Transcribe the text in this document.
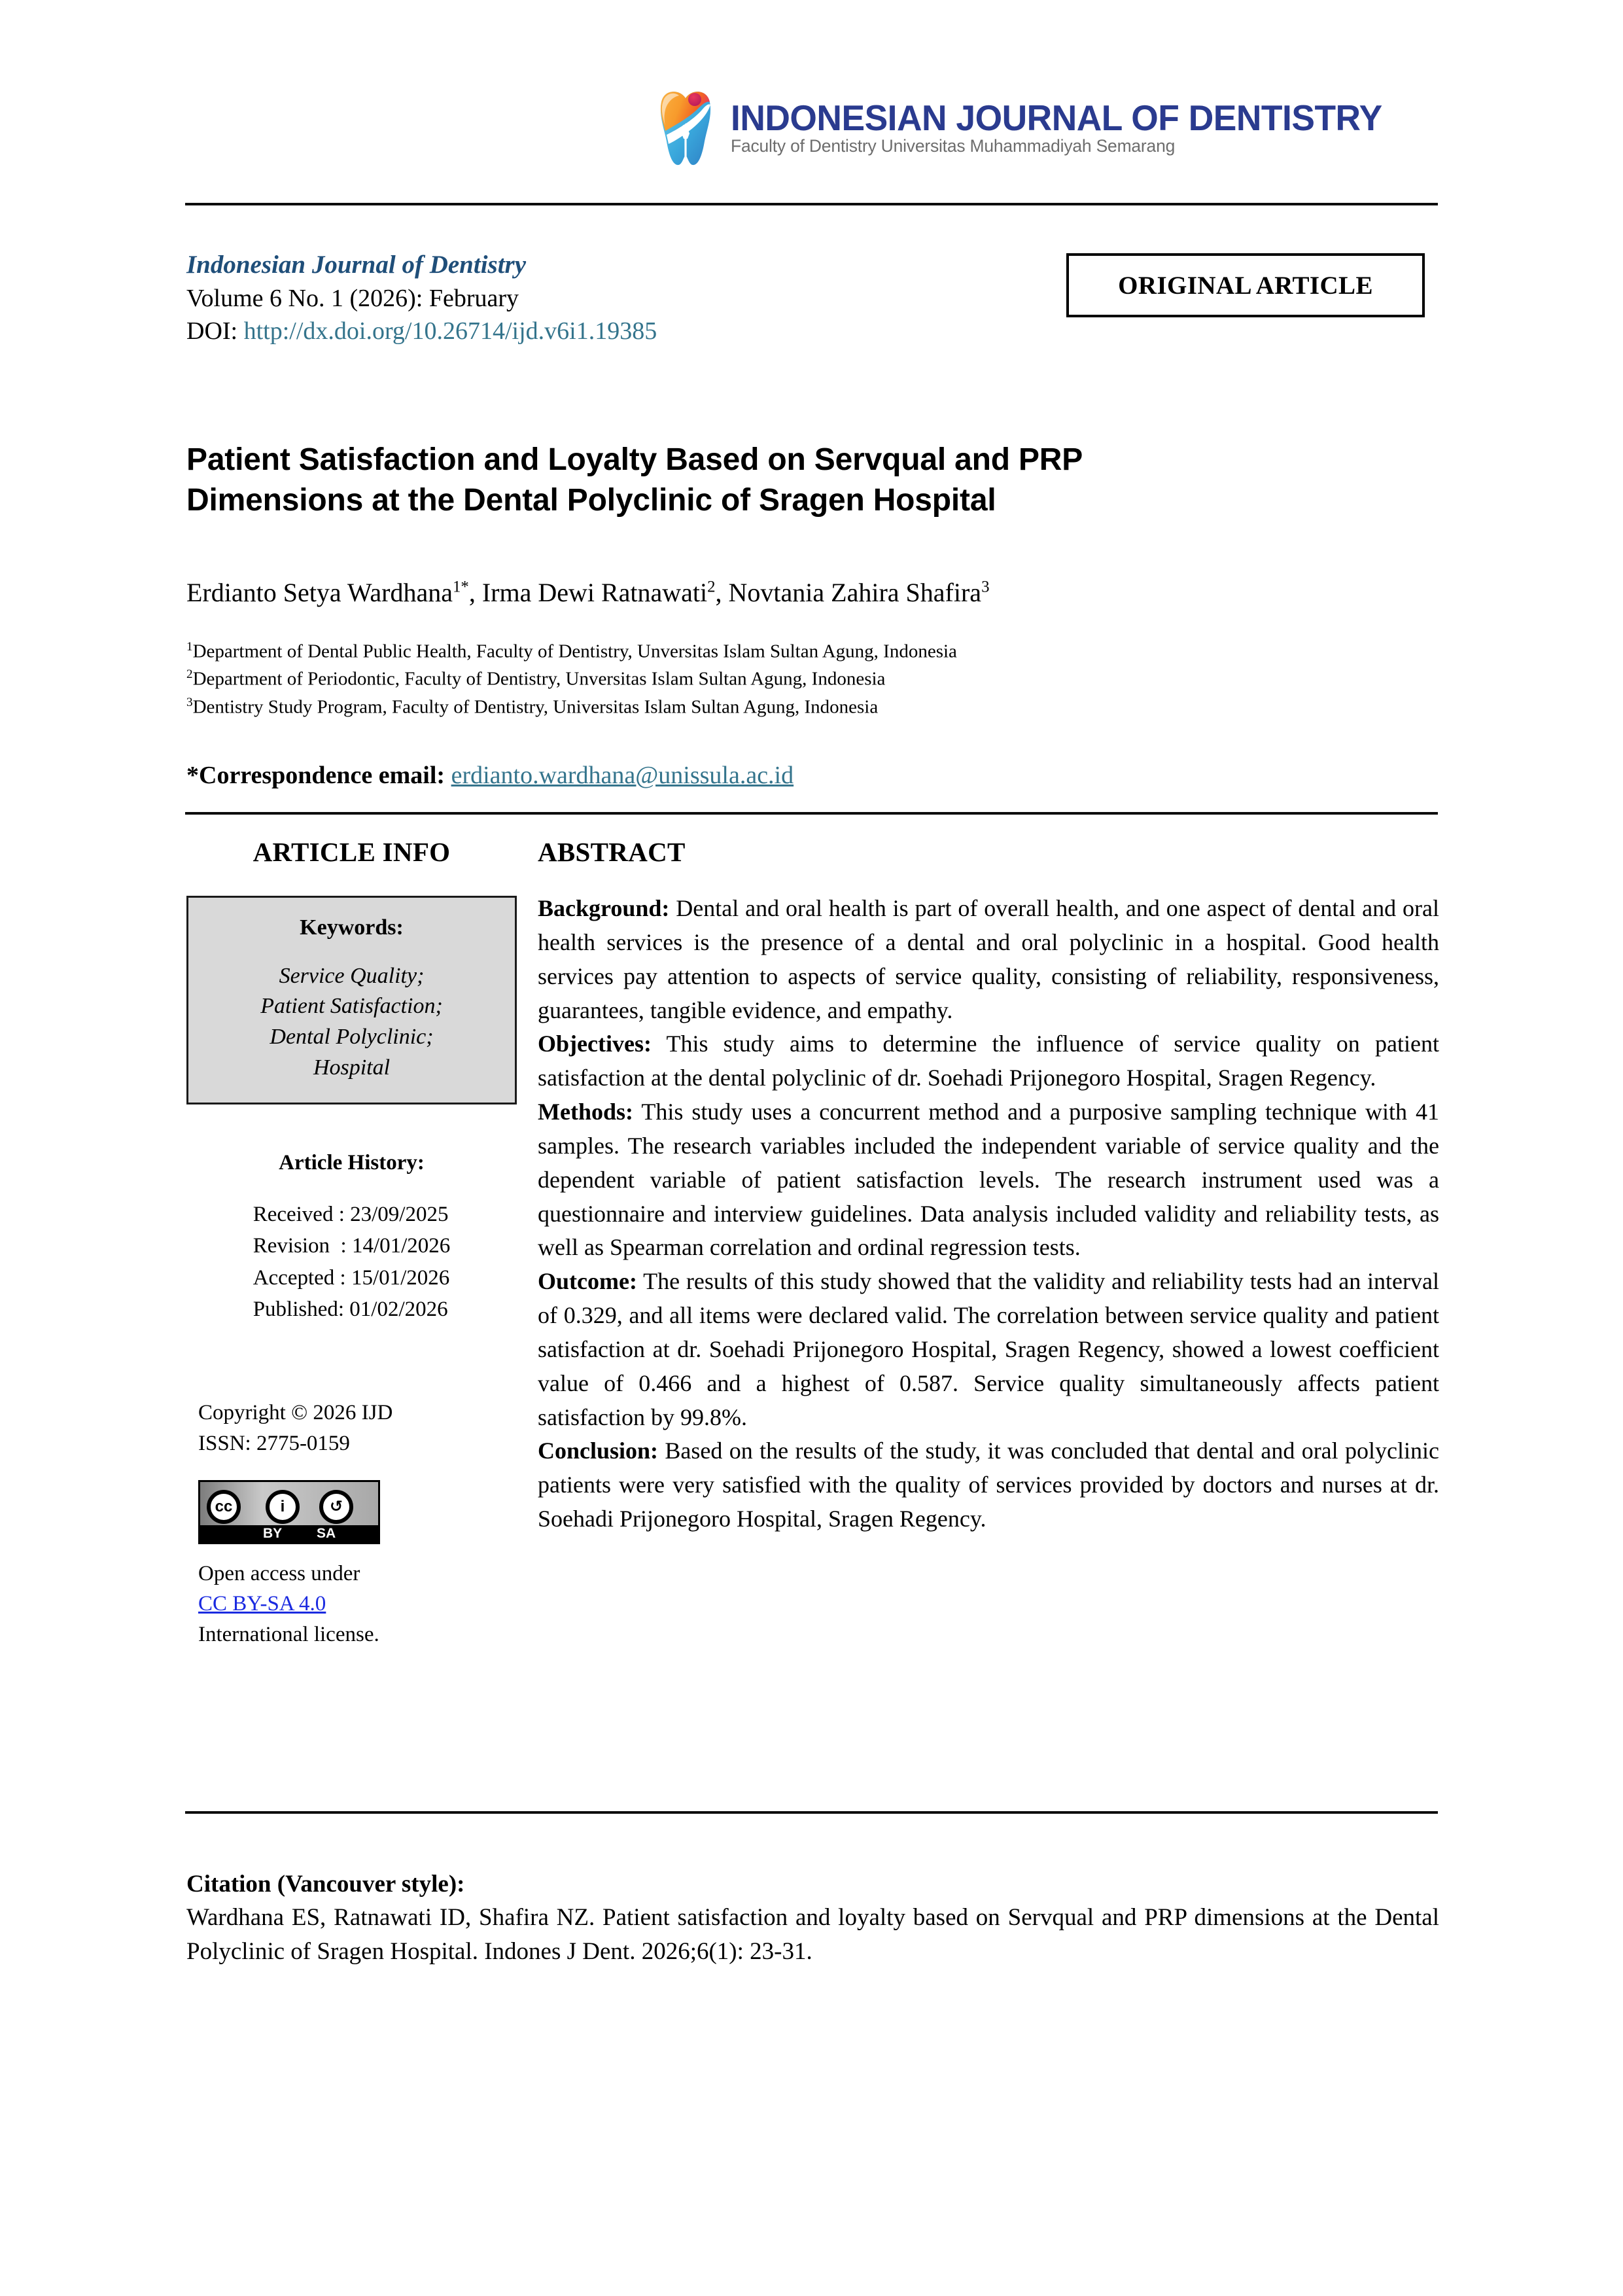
INDONESIAN JOURNAL OF DENTISTRY
Faculty of Dentistry Universitas Muhammadiyah Semarang
Indonesian Journal of Dentistry
Volume 6 No. 1 (2026): February
DOI: http://dx.doi.org/10.26714/ijd.v6i1.19385
ORIGINAL ARTICLE
Patient Satisfaction and Loyalty Based on Servqual and PRP
Dimensions at the Dental Polyclinic of Sragen Hospital
Erdianto Setya Wardhana$^{1*}$, Irma Dewi Ratnawati$^2$, Novtania Zahira Shafira$^3$
$^1$Department of Dental Public Health, Faculty of Dentistry, Unversitas Islam Sultan Agung, Indonesia
$^2$Department of Periodontic, Faculty of Dentistry, Unversitas Islam Sultan Agung, Indonesia
$^3$Dentistry Study Program, Faculty of Dentistry, Universitas Islam Sultan Agung, Indonesia
*Correspondence email: erdianto.wardhana@unissula.ac.id
ARTICLE INFO
Keywords:
Service Quality;
Patient Satisfaction;
Dental Polyclinic;
Hospital
Article History:
Received : 23/09/2025
Revision  : 14/01/2026
Accepted : 15/01/2026
Published: 01/02/2026
Copyright © 2026 IJD
ISSN: 2775-0159
cc	i	↺
BY	SA
Open access under
CC BY-SA 4.0
International license.
ABSTRACT

Background: Dental and oral health is part of overall health, and one aspect of dental and oral health services is the presence of a dental and oral polyclinic in a hospital. Good health services pay attention to aspects of service quality, consisting of reliability, responsiveness, guarantees, tangible evidence, and empathy.

Objectives: This study aims to determine the influence of service quality on patient satisfaction at the dental polyclinic of dr. Soehadi Prijonegoro Hospital, Sragen Regency.

Methods: This study uses a concurrent method and a purposive sampling technique with 41 samples. The research variables included the independent variable of service quality and the dependent variable of patient satisfaction levels. The research instrument used was a questionnaire and interview guidelines. Data analysis included validity and reliability tests, as well as Spearman correlation and ordinal regression tests.

Outcome: The results of this study showed that the validity and reliability tests had an interval of 0.329, and all items were declared valid. The correlation between service quality and patient satisfaction at dr. Soehadi Prijonegoro Hospital, Sragen Regency, showed a lowest coefficient value of 0.466 and a highest of 0.587. Service quality simultaneously affects patient satisfaction by 99.8%.

Conclusion: Based on the results of the study, it was concluded that dental and oral polyclinic patients were very satisfied with the quality of services provided by doctors and nurses at dr. Soehadi Prijonegoro Hospital, Sragen Regency.

Citation (Vancouver style):
Wardhana ES, Ratnawati ID, Shafira NZ. Patient satisfaction and loyalty based on Servqual and PRP dimensions at the Dental Polyclinic of Sragen Hospital. Indones J Dent. 2026;6(1): 23-31.
